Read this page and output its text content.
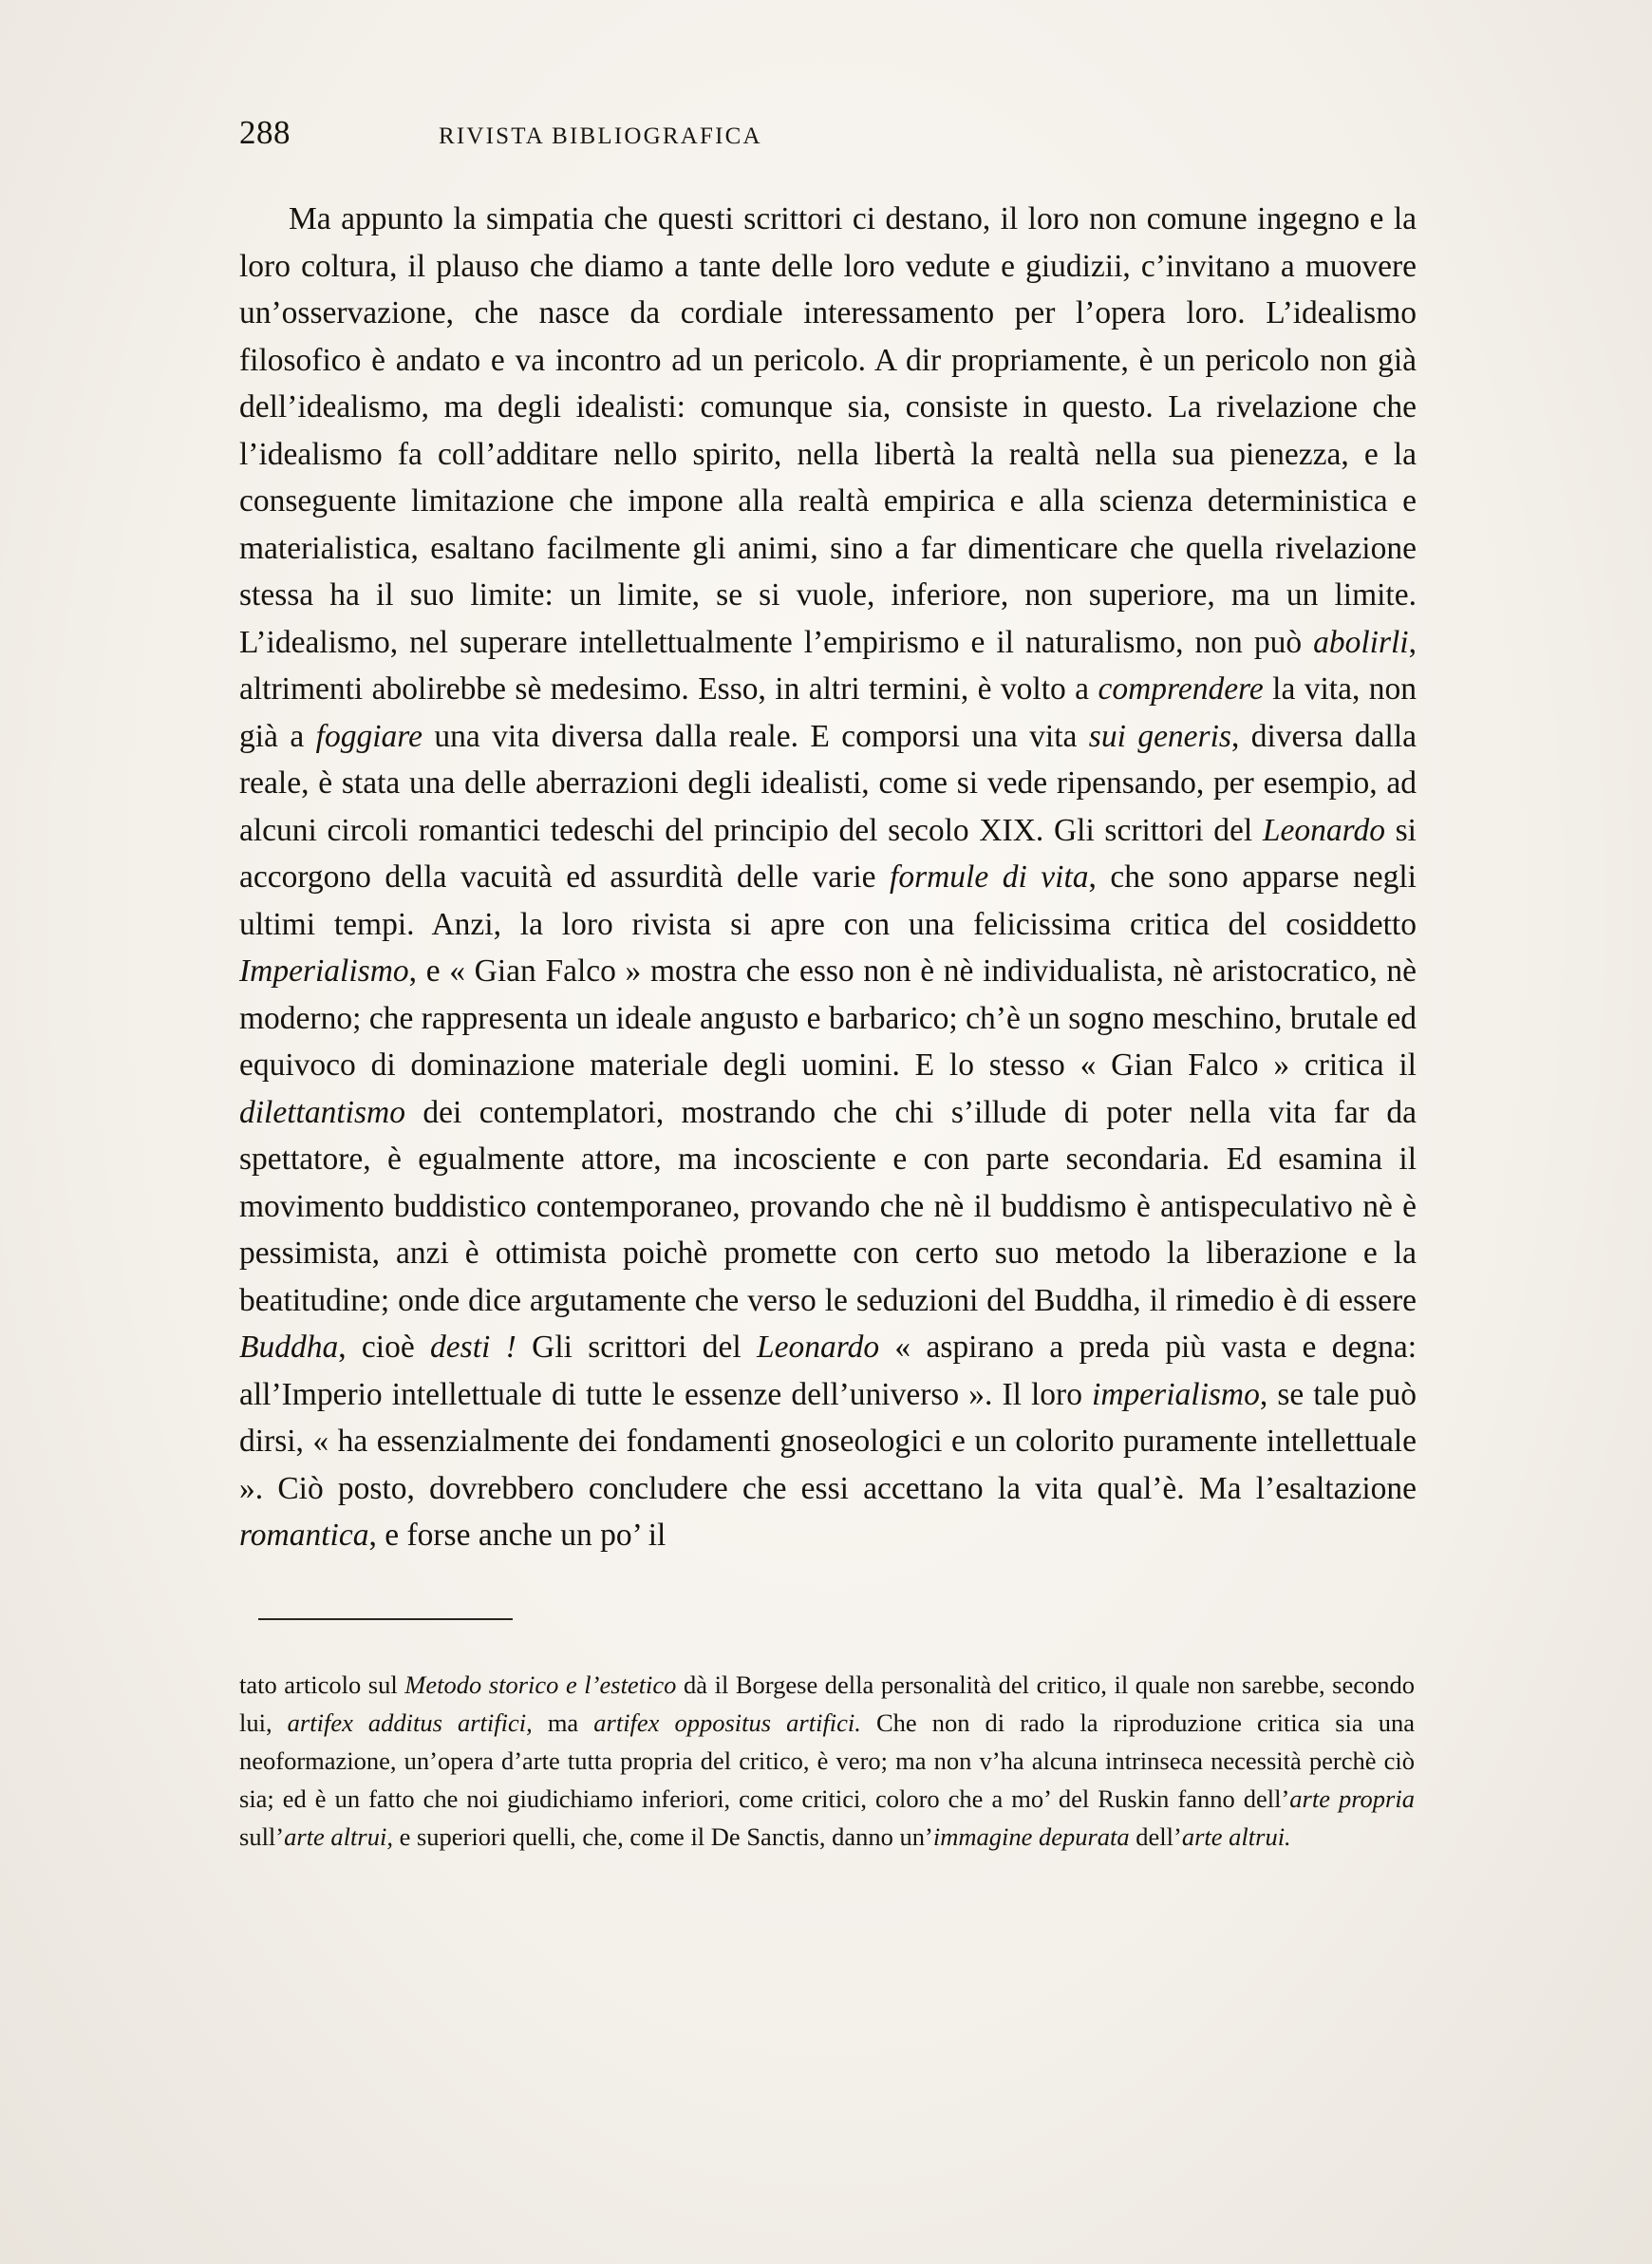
288	RIVISTA BIBLIOGRAFICA

Ma appunto la simpatia che questi scrittori ci destano, il loro non comune ingegno e la loro coltura, il plauso che diamo a tante delle loro vedute e giudizii, c’invitano a muovere un’osservazione, che nasce da cordiale interessamento per l’opera loro. L’idealismo filosofico è andato e va incontro ad un pericolo. A dir propriamente, è un pericolo non già dell’idealismo, ma degli idealisti: comunque sia, consiste in questo. La rivelazione che l’idealismo fa coll’additare nello spirito, nella libertà la realtà nella sua pienezza, e la conseguente limitazione che impone alla realtà empirica e alla scienza deterministica e materialistica, esaltano facilmente gli animi, sino a far dimenticare che quella rivelazione stessa ha il suo limite: un limite, se si vuole, inferiore, non superiore, ma un limite. L’idealismo, nel superare intellettualmente l’empirismo e il naturalismo, non può abolirli, altrimenti abolirebbe sè medesimo. Esso, in altri termini, è volto a comprendere la vita, non già a foggiare una vita diversa dalla reale. E comporsi una vita sui generis, diversa dalla reale, è stata una delle aberrazioni degli idealisti, come si vede ripensando, per esempio, ad alcuni circoli romantici tedeschi del principio del secolo XIX. Gli scrittori del Leonardo si accorgono della vacuità ed assurdità delle varie formule di vita, che sono apparse negli ultimi tempi. Anzi, la loro rivista si apre con una felicissima critica del cosiddetto Imperialismo, e « Gian Falco » mostra che esso non è nè individualista, nè aristocratico, nè moderno; che rappresenta un ideale angusto e barbarico; ch’è un sogno meschino, brutale ed equivoco di dominazione materiale degli uomini. E lo stesso « Gian Falco » critica il dilettantismo dei contemplatori, mostrando che chi s’illude di poter nella vita far da spettatore, è egualmente attore, ma incosciente e con parte secondaria. Ed esamina il movimento buddistico contemporaneo, provando che nè il buddismo è antispeculativo nè è pessimista, anzi è ottimista poichè promette con certo suo metodo la liberazione e la beatitudine; onde dice argutamente che verso le seduzioni del Buddha, il rimedio è di essere Buddha, cioè desti ! Gli scrittori del Leonardo « aspirano a preda più vasta e degna: all’Imperio intellettuale di tutte le essenze dell’universo ». Il loro imperialismo, se tale può dirsi, « ha essenzialmente dei fondamenti gnoseologici e un colorito puramente intellettuale ». Ciò posto, dovrebbero concludere che essi accettano la vita qual’è. Ma l’esaltazione romantica, e forse anche un po’ il

tato articolo sul Metodo storico e l’estetico dà il Borgese della personalità del critico, il quale non sarebbe, secondo lui, artifex additus artifici, ma artifex oppositus artifici. Che non di rado la riproduzione critica sia una neoformazione, un’opera d’arte tutta propria del critico, è vero; ma non v’ha alcuna intrinseca necessità perchè ciò sia; ed è un fatto che noi giudichiamo inferiori, come critici, coloro che a mo’ del Ruskin fanno dell’arte propria sull’arte altrui, e superiori quelli, che, come il De Sanctis, danno un’immagine depurata dell’arte altrui.
